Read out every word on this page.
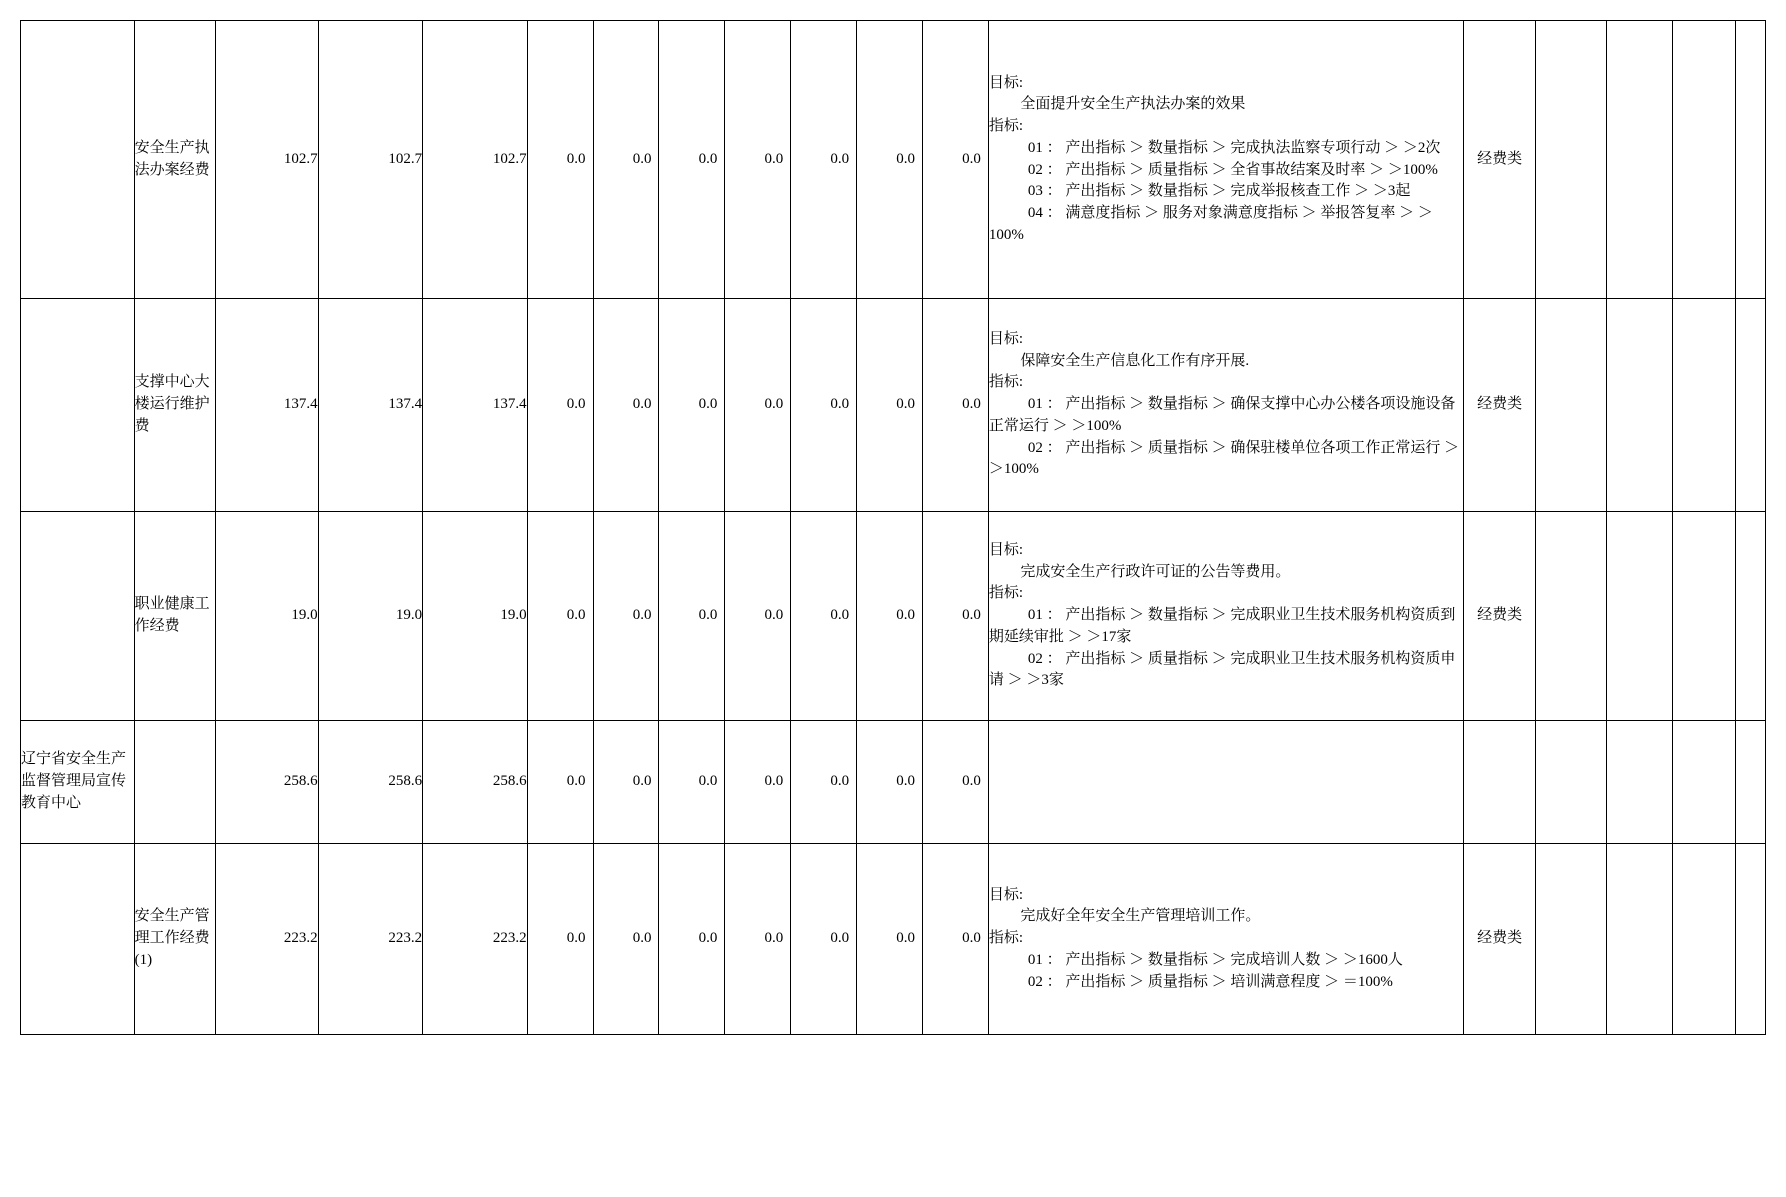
	安全生产执法办案经费	102.7	102.7	102.7	0.0	0.0	0.0	0.0	0.0	0.0	0.0	
目标:
全面提升安全生产执法办案的效果
指标:
01 ： 产出指标 ＞ 数量指标 ＞ 完成执法监察专项行动 ＞ ＞2次
02 ： 产出指标 ＞ 质量指标 ＞ 全省事故结案及时率 ＞ ＞100%
03 ： 产出指标 ＞ 数量指标 ＞ 完成举报核查工作 ＞ ＞3起
04 ： 满意度指标 ＞ 服务对象满意度指标 ＞ 举报答复率 ＞ ＞100%
	经费类				
	支撑中心大楼运行维护费	137.4	137.4	137.4	0.0	0.0	0.0	0.0	0.0	0.0	0.0	目标:
保障安全生产信息化工作有序开展.
指标:
01 ： 产出指标 ＞ 数量指标 ＞ 确保支撑中心办公楼各项设施设备正常运行 ＞ ＞100%
02 ： 产出指标 ＞ 质量指标 ＞ 确保驻楼单位各项工作正常运行 ＞ ＞100%	经费类				
	职业健康工作经费	19.0	19.0	19.0	0.0	0.0	0.0	0.0	0.0	0.0	0.0	目标:
完成安全生产行政许可证的公告等费用。
指标:
01 ： 产出指标 ＞ 数量指标 ＞ 完成职业卫生技术服务机构资质到期延续审批 ＞ ＞17家
02 ： 产出指标 ＞ 质量指标 ＞ 完成职业卫生技术服务机构资质申请 ＞ ＞3家	经费类				
辽宁省安全生产监督管理局宣传教育中心		258.6	258.6	258.6	0.0	0.0	0.0	0.0	0.0	0.0	0.0						
	安全生产管理工作经费(1)	223.2	223.2	223.2	0.0	0.0	0.0	0.0	0.0	0.0	0.0	目标:
完成好全年安全生产管理培训工作。
指标:
01 ： 产出指标 ＞ 数量指标 ＞ 完成培训人数 ＞ ＞1600人
02 ： 产出指标 ＞ 质量指标 ＞ 培训满意程度 ＞ ＝100%	经费类				
